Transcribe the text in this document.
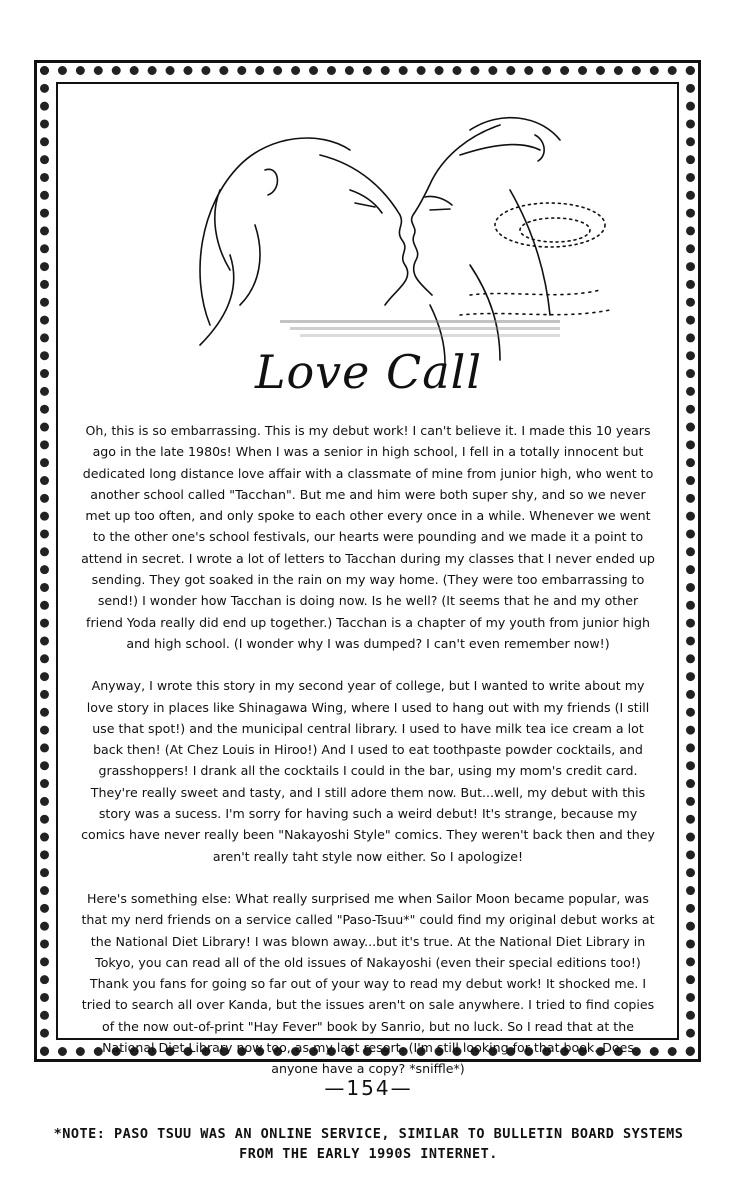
Love Call

Oh, this is so embarrassing. This is my debut work! I can't believe it. I made this 10 years ago in the late 1980s! When I was a senior in high school, I fell in a totally innocent but dedicated long distance love affair with a classmate of mine from junior high, who went to another school called "Tacchan". But me and him were both super shy, and so we never met up too often, and only spoke to each other every once in a while. Whenever we went to the other one's school festivals, our hearts were pounding and we made it a point to attend in secret. I wrote a lot of letters to Tacchan during my classes that I never ended up sending. They got soaked in the rain on my way home. (They were too embarrassing to send!) I wonder how Tacchan is doing now. Is he well? (It seems that he and my other friend Yoda really did end up together.) Tacchan is a chapter of my youth from junior high and high school. (I wonder why I was dumped? I can't even remember now!)

Anyway, I wrote this story in my second year of college, but I wanted to write about my love story in places like Shinagawa Wing, where I used to hang out with my friends (I still use that spot!) and the municipal central library. I used to have milk tea ice cream a lot back then! (At Chez Louis in Hiroo!) And I used to eat toothpaste powder cocktails, and grasshoppers! I drank all the cocktails I could in the bar, using my mom's credit card. They're really sweet and tasty, and I still adore them now. But...well, my debut with this story was a sucess. I'm sorry for having such a weird debut! It's strange, because my comics have never really been "Nakayoshi Style" comics. They weren't back then and they aren't really taht style now either. So I apologize!

Here's something else: What really surprised me when Sailor Moon became popular, was that my nerd friends on a service called "Paso-Tsuu*" could find my original debut works at the National Diet Library! I was blown away...but it's true. At the National Diet Library in Tokyo, you can read all of the old issues of Nakayoshi (even their special editions too!) Thank you fans for going so far out of your way to read my debut work! It shocked me. I tried to search all over Kanda, but the issues aren't on sale anywhere. I tried to find copies of the now out-of-print "Hay Fever" book by Sanrio, but no luck. So I read that at the National Diet Library now too, as my last resort. (I'm still looking for that book. Does anyone have a copy? *sniffle*)

—154—
*NOTE: PASO TSUU WAS AN ONLINE SERVICE, SIMILAR TO BULLETIN BOARD SYSTEMS FROM THE EARLY 1990S INTERNET.
